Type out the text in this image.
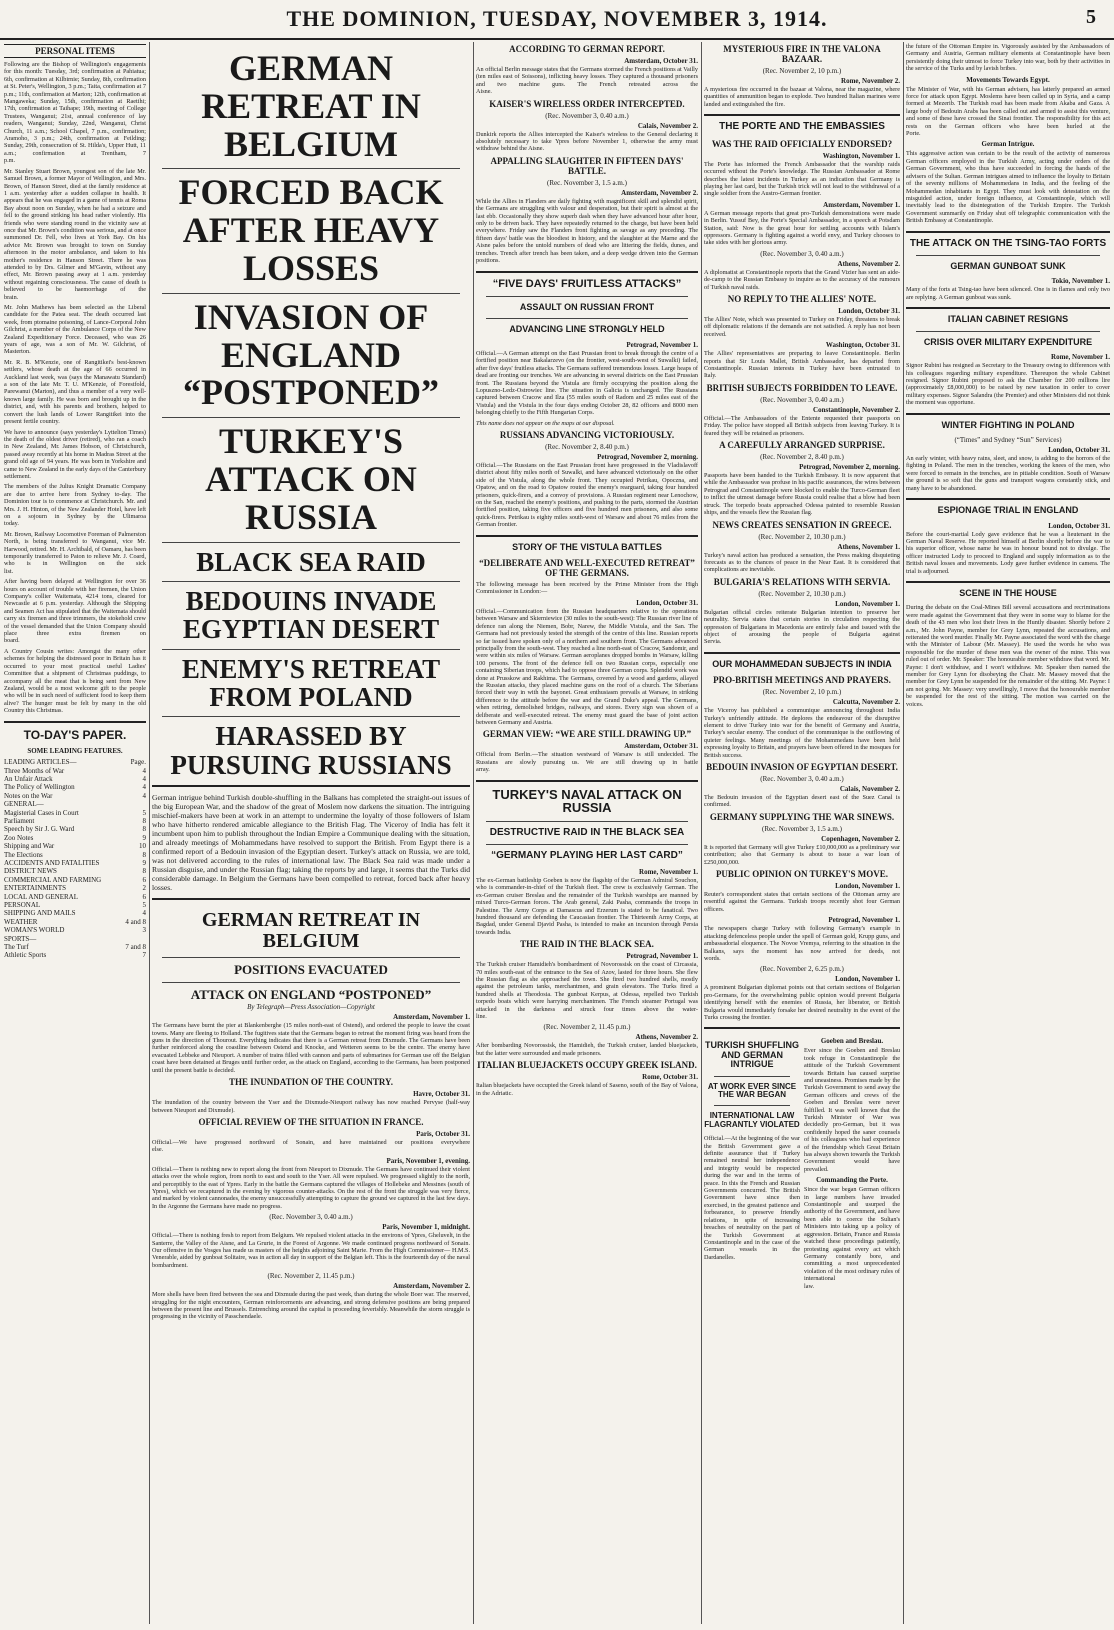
THE DOMINION, TUESDAY, NOVEMBER 3, 1914.	5
PERSONAL ITEMS

Following are the Bishop of Wellington's engagements for this month: Tuesday, 3rd; confirmation at Pahiatua; 6th, confirmation at Kilbirnie; Sunday, 8th, confirmation at St. Peter's, Wellington, 3 p.m.; Taita, confirmation at 7 p.m.; 11th, confirmation at Marton; 12th, confirmation at Mangaweka; Sunday, 15th, confirmation at Raetihi; 17th, confirmation at Taihape; 19th, meeting of College Trustees, Wanganui; 21st, annual conference of lay readers, Wanganui; Sunday, 22nd, Wanganui, Christ Church, 11 a.m.; School Chapel, 7 p.m., confirmation; Aramoho, 3 p.m.; 24th, confirmation at Feilding; Sunday, 29th, consecration of St. Hilda's, Upper Hutt, 11 a.m.; confirmation at Trentham, 7 p.m.

Mr. Stanley Stuart Brown, youngest son of the late Mr. Samuel Brown, a former Mayor of Wellington, and Mrs. Brown, of Hanson Street, died at the family residence at 1 a.m. yesterday after a sudden collapse in health. It appears that he was engaged in a game of tennis at Roma Bay about noon on Sunday, when he had a seizure and fell to the ground striking his head rather violently. His friends who were standing round in the vicinity saw at once that Mr. Brown's condition was serious, and at once summoned Dr. Fell, who lives at York Bay. On his advice Mr. Brown was brought to town on Sunday afternoon in the motor ambulance, and taken to his mother's residence in Hanson Street. There he was attended to by Drs. Gilmer and M'Gavin, without any effect, Mr. Brown passing away at 1 a.m. yesterday without regaining consciousness. The cause of death is believed to be haemorrhage of the brain.

Mr. John Mathews has been selected as the Liberal candidate for the Patea seat. The death occurred last week, from ptomaine poisoning, of Lance-Corporal John Gilchrist, a member of the Ambulance Corps of the New Zealand Expeditionary Force. Deceased, who was 26 years of age, was a son of Mr. W. Gilchrist, of Masterton.

Mr. R. B. M'Kenzie, one of Rangitikei's best-known settlers, whose death at the age of 66 occurred in Auckland last week, was (says the Manawatu Standard) a son of the late Mr. T. U. M'Kenzie, of Forestfold, Parewanui (Marton), and thus a member of a very well-known large family. He was born and brought up in the district, and, with his parents and brothers, helped to convert the lush lands of Lower Rangitikei into the present fertile country.

We have to announce (says yesterday's Lyttelton Times) the death of the oldest driver (retired), who ran a coach in New Zealand, Mr. James Hobson, of Christchurch, passed away recently at his home in Madras Street at the grand old age of 94 years. He was born in Yorkshire and came to New Zealand in the early days of the Canterbury settlement.

The members of the Julius Knight Dramatic Company are due to arrive here from Sydney to-day. The Dominion tour is to commence at Christchurch. Mr. and Mrs. J. H. Hinton, of the New Zealander Hotel, have left on a sojourn in Sydney by the Ulimaroa today.

Mr. Brown, Railway Locomotive Foreman of Palmerston North, is being transferred to Wanganui, vice Mr. Harwood, retired. Mr. H. Archibald, of Oamaru, has been temporarily transferred to Paton to relieve Mr. J. Coard, who is in Wellington on the sick list.

After having been delayed at Wellington for over 36 hours on account of trouble with her firemen, the Union Company's collier Waitemata, 4214 tons, cleared for Newcastle at 6 p.m. yesterday. Although the Shipping and Seamen Act has stipulated that the Waitemata should carry six firemen and three trimmers, the stokehold crew of the vessel demanded that the Union Company should place three extra firemen on board.

A Country Cousin writes: Amongst the many other schemes for helping the distressed poor in Britain has it occurred to your most practical useful Ladies' Committee that a shipment of Christmas puddings, to accompany all the meat that is being sent from New Zealand, would be a most welcome gift to the people who will be in such need of sufficient food to keep them alive? The hunger must be felt by many in the old Country this Christmas.

TO-DAY'S PAPER.
SOME LEADING FEATURES.
LEADING ARTICLES—	Page.
Three Months of War	4
An Unfair Attack	4
The Policy of Wellington	4
Notes on the War	4
GENERAL—
Magisterial Cases in Court	5
Parliament	8
Speech by Sir J. G. Ward	8
Zoo Notes	9
Shipping and War	10
The Elections	8
ACCIDENTS AND FATALITIES	9
DISTRICT NEWS	8
COMMERCIAL AND FARMING	6
ENTERTAINMENTS	2
LOCAL AND GENERAL	6
PERSONAL	5
SHIPPING AND MAILS	4
WEATHER	4 and 8
WOMAN'S WORLD	3
SPORTS—
The Turf	7 and 8
Athletic Sports	7
GERMAN RETREAT IN BELGIUM
FORCED BACK AFTER HEAVY LOSSES
INVASION OF ENGLAND “POSTPONED”
TURKEY'S ATTACK ON RUSSIA
BLACK SEA RAID
BEDOUINS INVADE EGYPTIAN DESERT
ENEMY'S RETREAT FROM POLAND
HARASSED BY PURSUING RUSSIANS

German intrigue behind Turkish double-shuffling in the Balkans has completed the straight-out issues of the big European War, and the shadow of the great of Moslem now darkens the situation. The intriguing mischief-makers have been at work in an attempt to undermine the loyalty of those followers of Islam who have hitherto rendered amicable allegiance to the British Flag. The Viceroy of India has felt it incumbent upon him to publish throughout the Indian Empire a Communique dealing with the situation, and already meetings of Mohammedans have resolved to support the British. From Egypt there is a confirmed report of a Bedouin invasion of the Egyptian desert. Turkey's attack on Russia, we are told, was not delivered according to the rules of international law. The Black Sea raid was made under a Russian disguise, and under the Russian flag; taking the reports by and large, it seems that the Turks did considerable damage. In Belgium the Germans have been compelled to retreat, forced back after heavy losses.

GERMAN RETREAT IN BELGIUM
POSITIONS EVACUATED
ATTACK ON ENGLAND “POSTPONED”
By Telegraph—Press Association—Copyright
Amsterdam, November 1.

The Germans have burnt the pier at Blankenberghe (15 miles north-east of Ostend), and ordered the people to leave the coast towns. Many are fleeing to Holland. The fugitives state that the Germans began to retreat the moment firing was heard from the guns in the direction of Thourout. Everything indicates that there is a German retreat from Dixmude. The Germans have been further reinforced along the coastline between Ostend and Knocke, and Wetteren seems to be the centre. The enemy have evacuated Lebbeke and Nieuport. A number of trains filled with cannon and parts of submarines for German use off the Belgian coast have been detained at Bruges until further order, as the attack on England, according to the Germans, has been postponed until the present battle is decided.

THE INUNDATION OF THE COUNTRY.
Havre, October 31.

The inundation of the country between the Yser and the Dixmude-Nieuport railway has now reached Pervyse (half-way between Nieuport and Dixmude).

OFFICIAL REVIEW OF THE SITUATION IN FRANCE.
Paris, October 31.

Official.—We have progressed northward of Sonain, and have maintained our positions everywhere else.

Paris, November 1, evening.

Official.—There is nothing new to report along the front from Nieuport to Dixmude. The Germans have continued their violent attacks over the whole region, from north to east and south to the Yser. All were repulsed. We progressed slightly to the north, and perceptibly to the east of Ypres. Early in the battle the Germans captured the villages of Hollebeke and Messines (south of Ypres), which we recaptured in the evening by vigorous counter-attacks. On the rest of the front the struggle was very fierce, and marked by violent cannonades, the enemy unsuccessfully attempting to capture the ground we captured in the last few days. In the Argonne the Germans have made no progress.

(Rec. November 3, 0.40 a.m.)
Paris, November 1, midnight.

Official.—There is nothing fresh to report from Belgium. We repulsed violent attacks in the environs of Ypres, Gheluvelt, in the Santerre, the Valley of the Aisne, and La Grurie, in the Forest of Argonne. We made continued progress northward of Sonain. Our offensive in the Vosges has made us masters of the heights adjoining Saint Marie. From the High Commissioner— H.M.S. Venerable, aided by gunboat Solitaire, was in action all day in support of the Belgian left. This is the fourteenth day of the naval bombardment.

(Rec. November 2, 11.45 p.m.)
Amsterdam, November 2.

More shells have been fired between the sea and Dixmude during the past week, than during the whole Boer war. The reserved, struggling for the night encounters, German reinforcements are advancing, and strong defensive positions are being prepared between the present line and Brussels. Entrenching around the capital is proceeding feverishly. Meanwhile the storm struggle is progressing in the vicinity of Passchendaele.

ACCORDING TO GERMAN REPORT.
Amsterdam, October 31.

An official Berlin message states that the Germans stormed the French positions at Vailly (ten miles east of Soissons), inflicting heavy losses. They captured a thousand prisoners and two machine guns. The French retreated across the Aisne.

KAISER'S WIRELESS ORDER INTERCEPTED.
(Rec. November 3, 0.40 a.m.)
Calais, November 2.

Dunkirk reports the Allies intercepted the Kaiser's wireless to the General declaring it absolutely necessary to take Ypres before November 1, otherwise the army must withdraw behind the Aisne.

APPALLING SLAUGHTER IN FIFTEEN DAYS' BATTLE.
(Rec. November 3, 1.5 a.m.)
Amsterdam, November 2.

While the Allies in Flanders are daily fighting with magnificent skill and splendid spirit, the Germans are struggling with valour and desperation, but their spirit is almost at the last ebb. Occasionally they show superb dash when they have advanced hour after hour, only to be driven back. They have repeatedly returned to the charge, but have been held everywhere. Friday saw the Flanders front fighting as savage as any preceding. The fifteen days' battle was the bloodiest in history, and the slaughter at the Marne and the Aisne pales before the untold numbers of dead who are littering the fields, dunes, and trenches. Trench after trench has been taken, and a deep wedge driven into the German positions.

“FIVE DAYS' FRUITLESS ATTACKS”
ASSAULT ON RUSSIAN FRONT
ADVANCING LINE STRONGLY HELD
Petrograd, November 1.

Official.—A German attempt on the East Prussian front to break through the centre of a fortified position near Bakalarzevo (on the frontier, west-south-west of Suwalki) failed, after five days' fruitless attacks. The Germans suffered tremendous losses. Large heaps of dead are fronting our trenches. We are advancing in several districts on the East Prussian front. The Russians beyond the Vistula are firmly occupying the position along the Lopuszno-Ledz-Ostrowiec line. The situation in Galicia is unchanged. The Russians captured between Cracow and Ilza (55 miles south of Radom and 25 miles east of the Vistula) and the Vistula in the four days ending October 28, 82 officers and 8000 men belonging chiefly to the Fifth Hungarian Corps.

This name does not appear on the maps at our disposal.

RUSSIANS ADVANCING VICTORIOUSLY.
(Rec. November 2, 8.40 p.m.)
Petrograd, November 2, morning.

Official.—The Russians on the East Prussian front have progressed in the Vladislavoff district about fifty miles north of Suwalki, and have advanced victoriously on the other side of the Vistula, along the whole front. They occupied Petrikau, Opoczna, and Opatow, and on the road to Opatow routed the enemy's rearguard, taking four hundred prisoners, quick-firers, and a convoy of provisions. A Russian regiment near Lenochow, on the San, reached the enemy's positions, and pushing to the parts, stormed the Austrian fortified position, taking five officers and five hundred men prisoners, and also some quick-firers. Petrikau is eighty miles south-west of Warsaw and about 76 miles from the German frontier.

STORY OF THE VISTULA BATTLES
“DELIBERATE AND WELL-EXECUTED RETREAT” OF THE GERMANS.

The following message has been received by the Prime Minister from the High Commissioner in London:—

London, October 31.

Official.—Communication from the Russian headquarters relative to the operations between Warsaw and Skierniewice (30 miles to the south-west): The Russian river line of defence ran along the Niemen, Bobr, Narew, the Middle Vistula, and the San. The Germans had not previously tested the strength of the centre of this line. Russian reports so far issued have spoken only of a northern and southern front. The Germans advanced principally from the south-west. They reached a line north-east of Cracow, Sandomir, and were within six miles of Warsaw. German aeroplanes dropped bombs in Warsaw, killing 100 persons. The front of the defence fell on two Russian corps, especially one containing Siberian troops, which had to oppose three German corps. Splendid work was done at Prusskow and Rakhima. The Germans, covered by a wood and gardens, allayed the Russian attacks, they placed machine guns on the roof of a church. The Siberians forced their way in with the bayonet. Great enthusiasm prevails at Warsaw, in striking difference to the attitude before the war and the Grand Duke's appeal. The Germans, when retiring, demolished bridges, railways, and stores. Every sign was shown of a deliberate and well-executed retreat. The enemy must guard the base of joint action between Germany and Austria.

GERMAN VIEW: “WE ARE STILL DRAWING UP.”
Amsterdam, October 31.

Official from Berlin.—The situation westward of Warsaw is still undecided. The Russians are slowly pursuing us. We are still drawing up in battle array.

TURKEY'S NAVAL ATTACK ON RUSSIA
DESTRUCTIVE RAID IN THE BLACK SEA
“GERMANY PLAYING HER LAST CARD”
Rome, November 1.

The ex-German battleship Goeben is now the flagship of the German Admiral Souchon, who is commander-in-chief of the Turkish fleet. The crew is exclusively German. The ex-German cruiser Breslau and the remainder of the Turkish warships are manned by mixed Turco-German forces. The Arab general, Zaki Pasha, commands the troops in Palestine. The Army Corps at Damascus and Erzerum is stated to be fanatical. Two hundred thousand are defending the Caucasian frontier. The Thirteenth Army Corps, at Bagdad, under General Djavid Pasha, is intended to make an incursion through Persia towards India.

THE RAID IN THE BLACK SEA.
Petrograd, November 1.

The Turkish cruiser Hamidieh's bombardment of Novorossisk on the coast of Circassia, 70 miles south-east of the entrance to the Sea of Azov, lasted for three hours. She flew the Russian flag as she approached the town. She fired two hundred shells, mostly against the petroleum tanks, merchantmen, and grain elevators. The Turks fired a hundred shells at Theodosia. The gunboat Kerpus, at Odessa, repelled two Turkish torpedo boats which were harrying merchantmen. The French steamer Portugal was attacked in the darkness and struck four times above the water-line.

(Rec. November 2, 11.45 p.m.)
Athens, November 2.

After bombarding Novorossisk, the Hamidieh, the Turkish cruiser, landed bluejackets, but the latter were surrounded and made prisoners.

ITALIAN BLUEJACKETS OCCUPY GREEK ISLAND.
Rome, October 31.

Italian bluejackets have occupied the Greek island of Saseno, south of the Bay of Valona, in the Adriatic.

MYSTERIOUS FIRE IN THE VALONA BAZAAR.
(Rec. November 2, 10 p.m.)
Rome, November 2.

A mysterious fire occurred in the bazaar at Valona, near the magazine, where quantities of ammunition began to explode. Two hundred Italian marines were landed and extinguished the fire.

THE PORTE AND THE EMBASSIES
WAS THE RAID OFFICIALLY ENDORSED?
Washington, November 1.

The Porte has informed the French Ambassador that the warship raids occurred without the Porte's knowledge. The Russian Ambassador at Rome describes the latest incidents in Turkey as an indication that Germany is playing her last card, but the Turkish trick will not lead to the withdrawal of a single soldier from the Austro-German frontier.

Amsterdam, November 1.

A German message reports that great pro-Turkish demonstrations were made in Berlin. Yussuf Bey, the Porte's Special Ambassador, in a speech at Potsdam Station, said: Now is the great hour for settling accounts with Islam's oppressors. Germany is fighting against a world envy, and Turkey chooses to take sides with her glorious army.

(Rec. November 3, 0.40 a.m.)
Athens, November 2.

A diplomatist at Constantinople reports that the Grand Vizier has sent an aide-de-camp to the Russian Embassy to inquire as to the accuracy of the rumours of Turkish naval raids.

NO REPLY TO THE ALLIES' NOTE.
London, October 31.

The Allies' Note, which was presented to Turkey on Friday, threatens to break off diplomatic relations if the demands are not satisfied. A reply has not been received.

Washington, October 31.

The Allies' representatives are preparing to leave Constantinople. Berlin reports that Sir Louis Mallet, British Ambassador, has departed from Constantinople. Russian interests in Turkey have been entrusted to Italy.

BRITISH SUBJECTS FORBIDDEN TO LEAVE.
(Rec. November 3, 0.40 a.m.)
Constantinople, November 2.

Official.—The Ambassadors of the Entente requested their passports on Friday. The police have stopped all British subjects from leaving Turkey. It is feared they will be retained as prisoners.

A CAREFULLY ARRANGED SURPRISE.
(Rec. November 2, 8.40 p.m.)
Petrograd, November 2, morning.

Passports have been handed to the Turkish Embassy. It is now apparent that while the Ambassador was profuse in his pacific assurances, the wires between Petrograd and Constantinople were blocked to enable the Turco-German fleet to inflict the utmost damage before Russia could realise that a blow had been struck. The torpedo boats approached Odessa painted to resemble Russian ships, and the vessels flew the Russian flag.

NEWS CREATES SENSATION IN GREECE.
(Rec. November 2, 10.30 p.m.)
Athens, November 1.

Turkey's naval action has produced a sensation, the Press making disquieting forecasts as to the chances of peace in the Near East. It is considered that complications are inevitable.

BULGARIA'S RELATIONS WITH SERVIA.
(Rec. November 2, 10.30 p.m.)
London, November 1.

Bulgarian official circles reiterate Bulgarian intention to preserve her neutrality. Servia states that certain stories in circulation respecting the oppression of Bulgarians in Macedonia are entirely false and issued with the object of arousing the people of Bulgaria against Servia.

OUR MOHAMMEDAN SUBJECTS IN INDIA
PRO-BRITISH MEETINGS AND PRAYERS.
(Rec. November 2, 10 p.m.)
Calcutta, November 2.

The Viceroy has published a communique announcing throughout India Turkey's unfriendly attitude. He deplores the endeavour of the disruptive element to drive Turkey into war for the benefit of Germany and Austria, Turkey's secular enemy. The conduct of the communique is the outflowing of quieter feelings. Many meetings of the Mohammedans have been held expressing loyalty to Britain, and prayers have been offered in the mosques for British success.

BEDOUIN INVASION OF EGYPTIAN DESERT.
(Rec. November 3, 0.40 a.m.)
Calais, November 2.

The Bedouin invasion of the Egyptian desert east of the Suez Canal is confirmed.

GERMANY SUPPLYING THE WAR SINEWS.
(Rec. November 3, 1.5 a.m.)
Copenhagen, November 2.

It is reported that Germany will give Turkey £10,000,000 as a preliminary war contribution; also that Germany is about to issue a war loan of £250,000,000.

PUBLIC OPINION ON TURKEY'S MOVE.
London, November 1.

Reuter's correspondent states that certain sections of the Ottoman army are resentful against the Germans. Turkish troops recently shot four German officers.

Petrograd, November 1.

The newspapers charge Turkey with following Germany's example in attacking defenceless people under the spell of German gold, Krupp guns, and ambassadorial eloquence. The Novoe Vremya, referring to the situation in the Balkans, says the moment has now arrived for deeds, not words.

(Rec. November 2, 6.25 p.m.)
London, November 1.

A prominent Bulgarian diplomat points out that certain sections of Bulgarian pro-Germans, for the overwhelming public opinion would prevent Bulgaria identifying herself with the enemies of Russia, her liberator, or British Bulgaria would immediately forsake her desired neutrality in the event of the Turks crossing the frontier.

TURKISH SHUFFLING AND GERMAN INTRIGUE
AT WORK EVER SINCE THE WAR BEGAN
INTERNATIONAL LAW FLAGRANTLY VIOLATED

Official.—At the beginning of the war the British Government gave a definite assurance that if Turkey remained neutral her independence and integrity would be respected during the war and in the terms of peace. In this the French and Russian Governments concurred. The British Government have since then exercised, in the greatest patience and forbearance, to preserve friendly relations, in spite of increasing breaches of neutrality on the part of the Turkish Government at Constantinople and in the case of the German vessels in the Dardanelles.

Goeben and Breslau.

Ever since the Goeben and Breslau took refuge in Constantinople the attitude of the Turkish Government towards Britain has caused surprise and uneasiness. Promises made by the Turkish Government to send away the German officers and crews of the Goeben and Breslau were never fulfilled. It was well known that the Turkish Minister of War was decidedly pro-German, but it was confidently hoped the saner counsels of his colleagues who had experience of the friendship which Great Britain has always shown towards the Turkish Government would have prevailed.

Commanding the Porte.

Since the war began German officers in large numbers have invaded Constantinople and usurped the authority of the Government, and have been able to coerce the Sultan's Ministers into taking up a policy of aggression. Britain, France and Russia watched these proceedings patiently, protesting against every act which Germany constantly bore, and committing a most unprecedented violation of the most ordinary rules of international law.

the future of the Ottoman Empire in. Vigorously assisted by the Ambassadors of Germany and Austria, German military elements at Constantinople have been persistently doing their utmost to force Turkey into war, both by their activities in the service of the Turks and by lavish bribes.

Movements Towards Egypt.

The Minister of War, with his German advisers, has latterly prepared an armed force for attack upon Egypt. Moslems have been called up in Syria, and a camp formed at Mezerib. The Turkish road has been made from Akaba and Gaza. A large body of Bedouin Arabs has been called out and armed to assist this venture, and some of these have crossed the Sinai frontier. The responsibility for this act rests on the German officers who have been hurled at the Porte.

German Intrigue.

This aggressive action was certain to be the result of the activity of numerous German officers employed in the Turkish Army, acting under orders of the German Government, who thus have succeeded in forcing the hands of the advisers of the Sultan. German intrigues aimed to influence the loyalty to Britain of the seventy millions of Mohammedans in India, and the feeling of the Mohammedan inhabitants in Egypt. They must look with detestation on the misguided action, under foreign influence, at Constantinople, which will inevitably lead to the disintegration of the Turkish Empire. The Turkish Government summarily on Friday shut off telegraphic communication with the British Embassy at Constantinople.

THE ATTACK ON THE TSING-TAO FORTS
GERMAN GUNBOAT SUNK
Tokio, November 1.

Many of the forts at Tsing-tao have been silenced. One is in flames and only two are replying. A German gunboat was sunk.

ITALIAN CABINET RESIGNS
CRISIS OVER MILITARY EXPENDITURE
Rome, November 1.

Signor Rubini has resigned as Secretary to the Treasury owing to differences with his colleagues regarding military expenditure. Thereupon the whole Cabinet resigned. Signor Rubini proposed to ask the Chamber for 200 millions lire (approximately £8,000,000) to be raised by new taxation in order to cover military expenses. Signor Salandra (the Premier) and other Ministers did not think the moment was opportune.

WINTER FIGHTING IN POLAND
(“Times” and Sydney “Sun” Services)
London, October 31.

An early winter, with heavy rains, sleet, and snow, is adding to the horrors of the fighting in Poland. The men in the trenches, working the knees of the men, who were forced to remain in the trenches, are in pitiable condition. South of Warsaw the ground is so soft that the guns and transport wagons constantly stick, and many have to be abandoned.

ESPIONAGE TRIAL IN ENGLAND
London, October 31.

Before the court-martial Lody gave evidence that he was a lieutenant in the German Naval Reserve. He reported himself at Berlin shortly before the war to his superior officer, whose name he was in honour bound not to divulge. The officer instructed Lody to proceed to England and supply information as to the British naval losses and movements. Lody gave further evidence in camera. The trial is adjourned.

SCENE IN THE HOUSE

During the debate on the Coal-Mines Bill several accusations and recriminations were made against the Government that they were in some way to blame for the death of the 43 men who lost their lives in the Huntly disaster. Shortly before 2 a.m., Mr. John Payne, member for Grey Lynn, repeated the accusations, and reiterated the word murder. Finally Mr. Payne associated the word with the charge with the Minister of Labour (Mr. Massey). He used the words he who was responsible for the murder of these men was the owner of the mine. This was ruled out of order. Mr. Speaker: The honourable member withdraw that word. Mr. Payne: I don't withdraw, and I won't withdraw. Mr. Speaker then named the member for Grey Lynn for disobeying the Chair. Mr. Massey moved that the member for Grey Lynn be suspended for the remainder of the sitting. Mr. Payne: I am not going. Mr. Massey: very unwillingly, I move that the honourable member be suspended for the rest of the sitting. The motion was carried on the voices.
